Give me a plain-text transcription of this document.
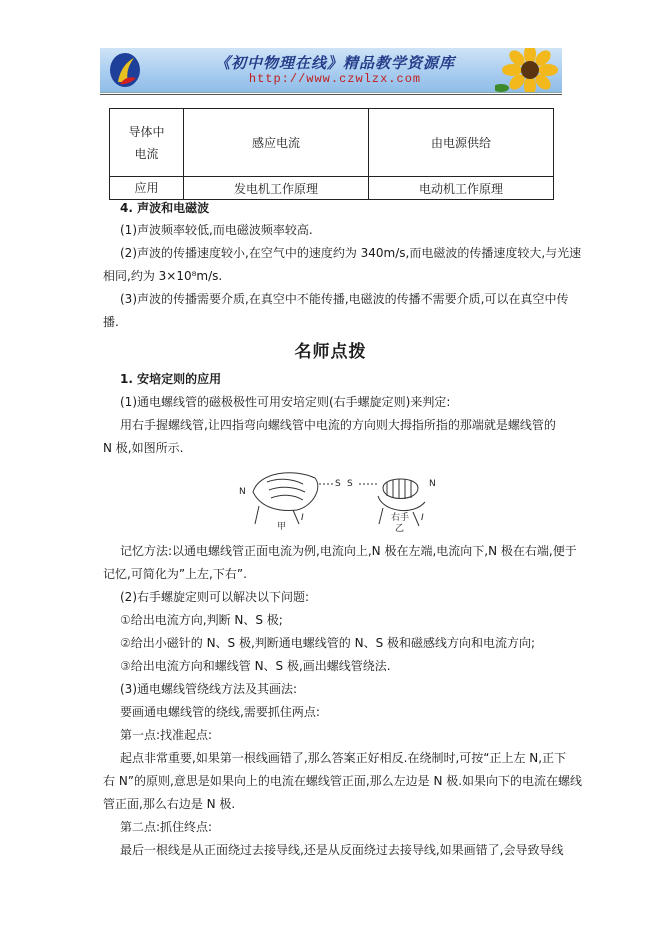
《初中物理在线》精品教学资源库
http://www.czwlzx.com
导体中
电流	感应电流	由电源供给
应用	发电机工作原理	电动机工作原理
4. 声波和电磁波
(1)声波频率较低,而电磁波频率较高.
(2)声波的传播速度较小,在空气中的速度约为 340m/s,而电磁波的传播速度较大,与光速
相同,约为 3×10⁸m/s.
(3)声波的传播需要介质,在真空中不能传播,电磁波的传播不需要介质,可以在真空中传
播.
名师点拨
1. 安培定则的应用
(1)通电螺线管的磁极极性可用安培定则(右手螺旋定则)来判定:
用右手握螺线管,让四指弯向螺线管中电流的方向则大拇指所指的那端就是螺线管的
N 极,如图所示.
N
S S	N
I	I
甲
右手
乙
记忆方法:以通电螺线管正面电流为例,电流向上,N 极在左端,电流向下,N 极在右端,便于
记忆,可简化为”上左,下右”.
(2)右手螺旋定则可以解决以下问题:
①给出电流方向,判断 N、S 极;
②给出小磁针的 N、S 极,判断通电螺线管的 N、S 极和磁感线方向和电流方向;
③给出电流方向和螺线管 N、S 极,画出螺线管绕法.
(3)通电螺线管绕线方法及其画法:
要画通电螺线管的绕线,需要抓住两点:
第一点:找准起点:
起点非常重要,如果第一根线画错了,那么答案正好相反.在绕制时,可按“正上左 N,正下
右 N”的原则,意思是如果向上的电流在螺线管正面,那么左边是 N 极.如果向下的电流在螺线
管正面,那么右边是 N 极.
第二点:抓住终点:
最后一根线是从正面绕过去接导线,还是从反面绕过去接导线,如果画错了,会导致导线
